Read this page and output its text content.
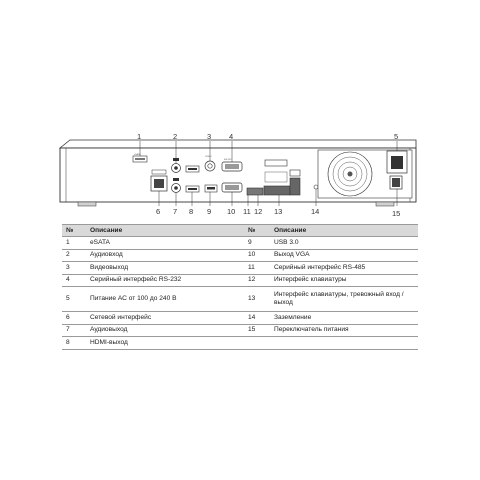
eSATA
VIDEO
RS-232
1	2	3 4	5
6 7 8 9 10 11 12 13	14	15
№	Описание	№	Описание
1	eSATA	9	USB 3.0
2	Аудиовход	10	Выход VGA
3	Видеовыход	11	Серийный интерфейс RS-485
4	Серийный интерфейс RS-232	12	Интерфейс клавиатуры
5	Питание АС от 100 до 240 В	13	Интерфейс клавиатуры, тревожный вход / выход
6	Сетевой интерфейс	14	Заземление
7	Аудиовыход	15	Переключатель питания
8	HDMI-выход		
